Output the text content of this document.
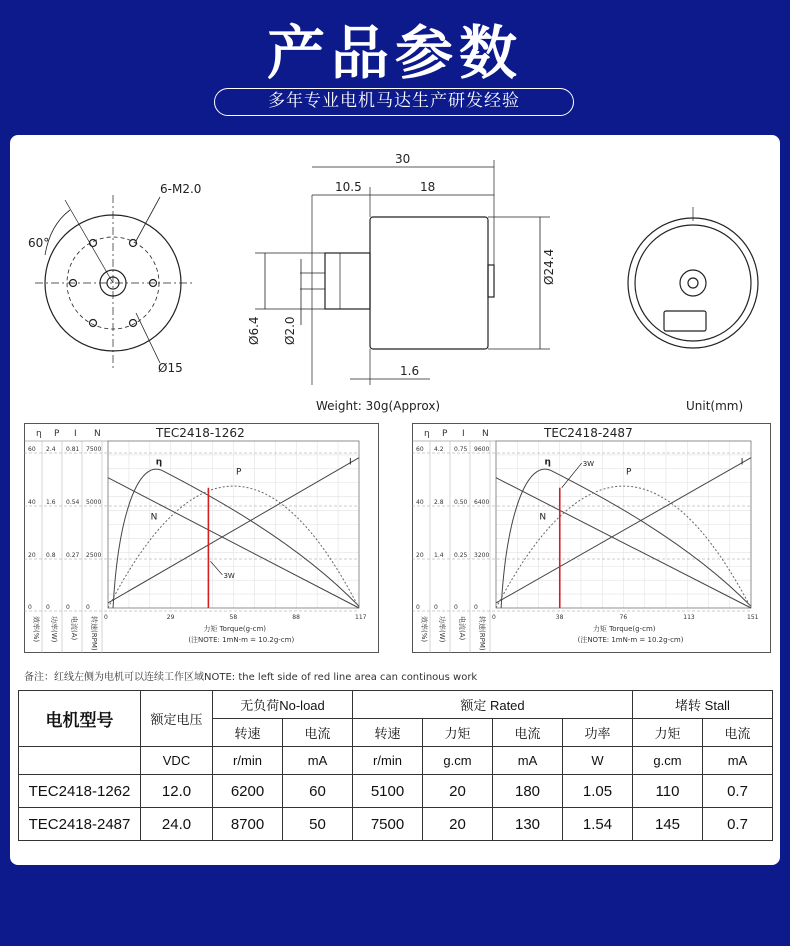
产品参数
多年专业电机马达生产研发经验
30
10.5	18
Ø24.4
Ø6.4 Ø2.0
1.6
60°
6-M2.0
Ø15
Weight: 30g(Approx)	Unit(mm)
η P I N
60 2.4 0.81 7500
40 1.6 0.54 5000
20 0.8 0.27 2500
0 0	0	0
效率(%) 功率(W) 电流(A) 转速(RPM) 0	29	58	88	117
力矩 Torque(g-cm)
(注NOTE: 1mN-m = 10.2g-cm)
TEC2418-1262
η
P
I
N
3W
η P I N
60 4.2 0.75 9600
40 2.8 0.50 6400
20 1.4 0.25 3200
0 0	0	0
效率(%) 功率(W) 电流(A) 转速(RPM) 0	38	76	113	151
力矩 Torque(g-cm)
(注NOTE: 1mN-m = 10.2g-cm)
TEC2418-2487
η
P
I
N
3W
备注：红线左侧为电机可以连续工作区域NOTE: the left side of red line area can continous work
电机型号	额定电压	无负荷No-load		额定 Rated				堵转 Stall	
		转速	电流	转速	力矩	电流	功率	力矩	电流
	VDC	r/min	mA	r/min	g.cm	mA	W	g.cm	mA
TEC2418-1262	12.0	6200	60	5100	20	180	1.05	110	0.7
TEC2418-2487	24.0	8700	50	7500	20	130	1.54	145	0.7
